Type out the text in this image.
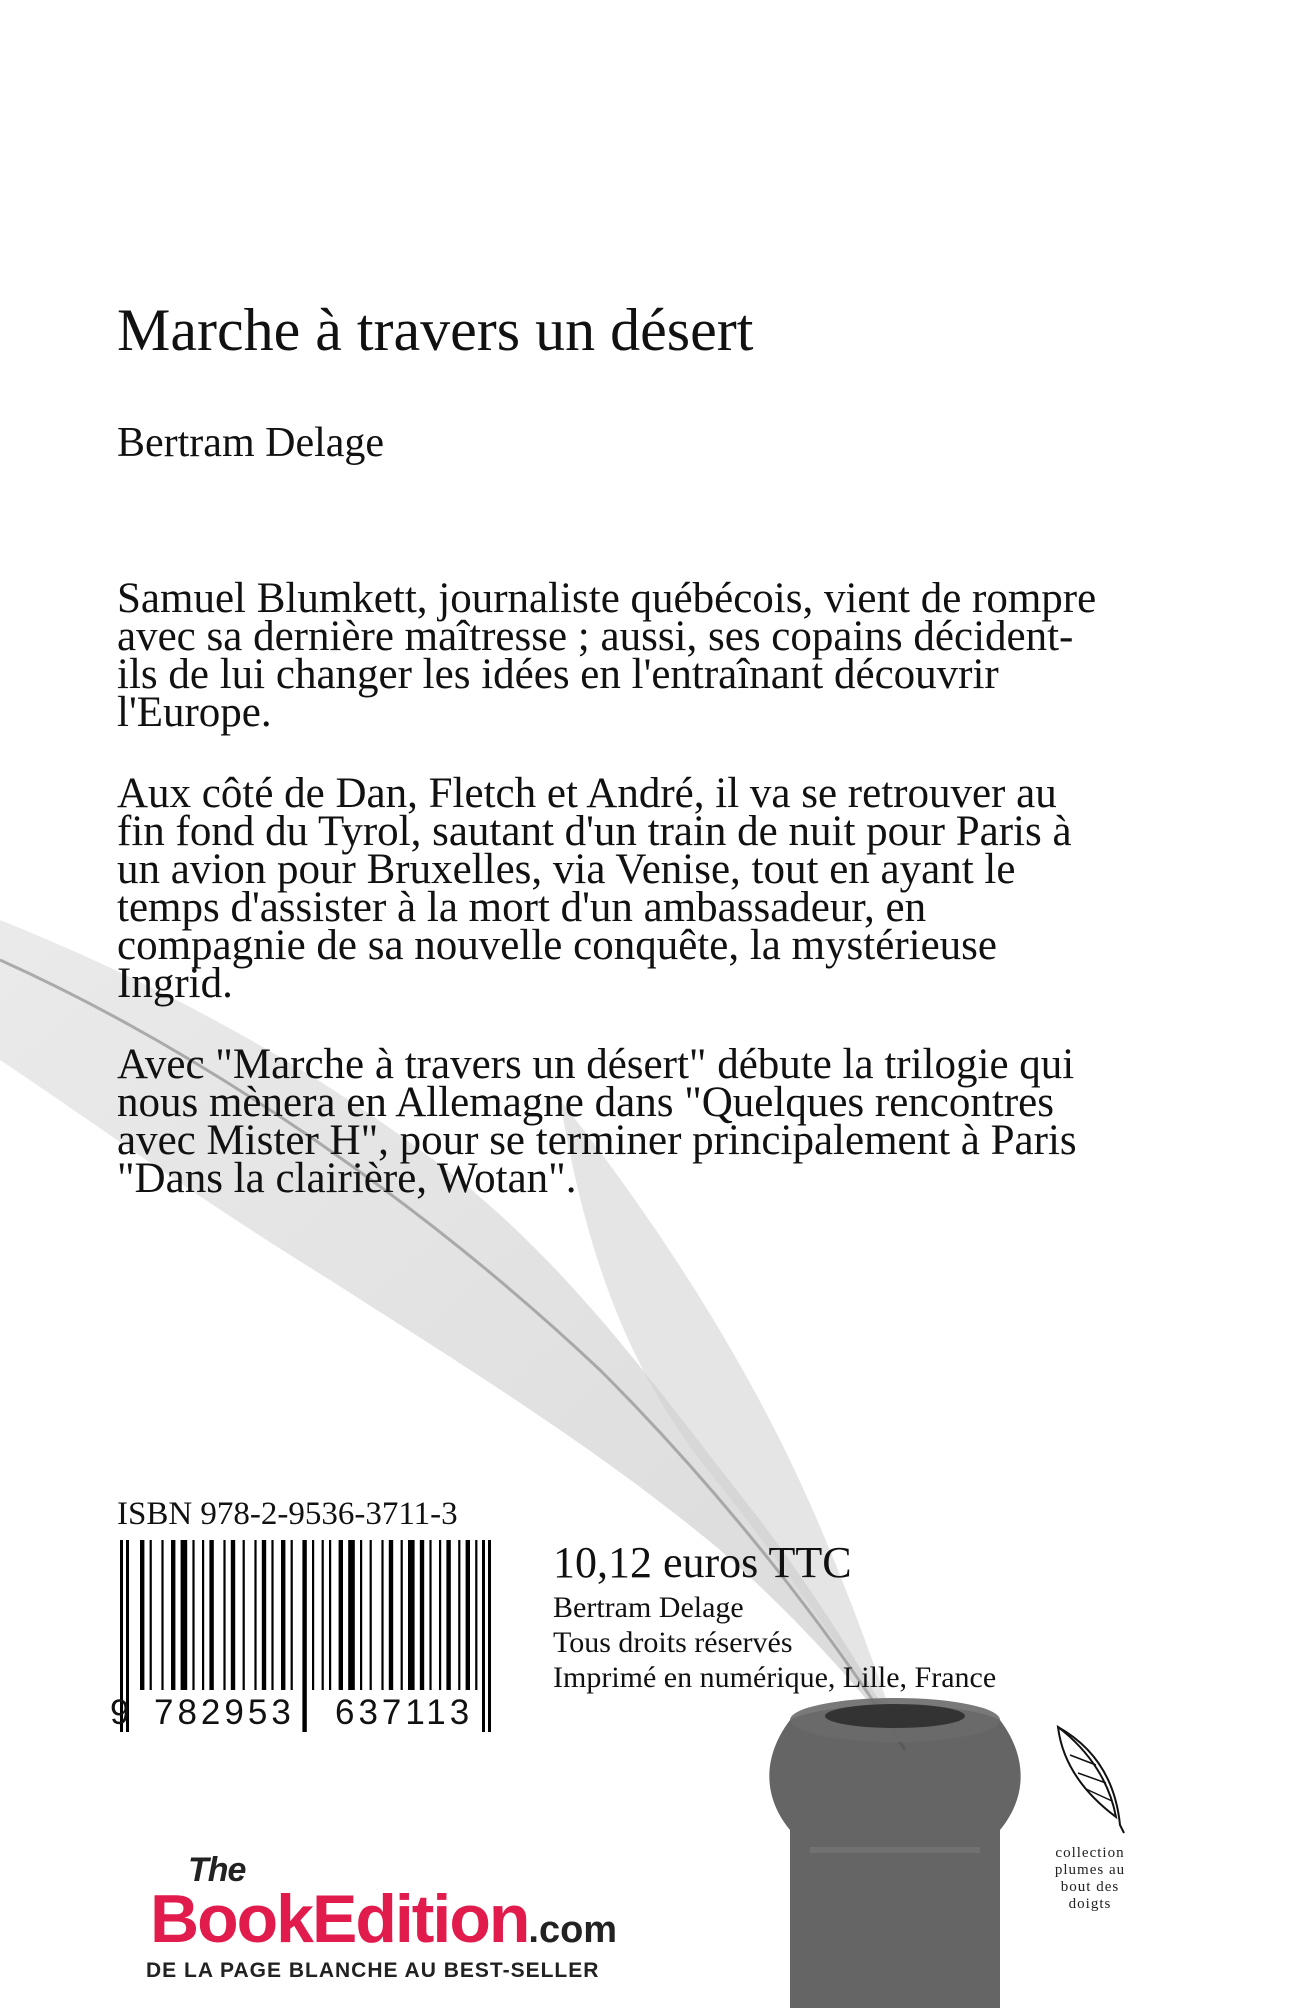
Marche à travers un désert
Bertram Delage

Samuel Blumkett, journaliste québécois, vient de rompre avec sa dernière maîtresse ; aussi, ses copains décident-ils de lui changer les idées en l'entraînant découvrir l'Europe.

Aux côté de Dan, Fletch et André, il va se retrouver au fin fond du Tyrol, sautant d'un train de nuit pour Paris à un avion pour Bruxelles, via Venise, tout en ayant le temps d'assister à la mort d'un ambassadeur, en compagnie de sa nouvelle conquête, la mystérieuse Ingrid.

Avec "Marche à travers un désert" débute la trilogie qui nous mènera en Allemagne dans "Quelques rencontres avec Mister H", pour se terminer principalement à Paris "Dans la clairière, Wotan".

ISBN 978-2-9536-3711-3
9 782953 637113
10,12 euros TTC
Bertram Delage
Tous droits réservés
Imprimé en numérique, Lille, France
The
BookEdition.com
DE LA PAGE BLANCHE AU BEST-SELLER
collection
plumes au
bout des
doigts
